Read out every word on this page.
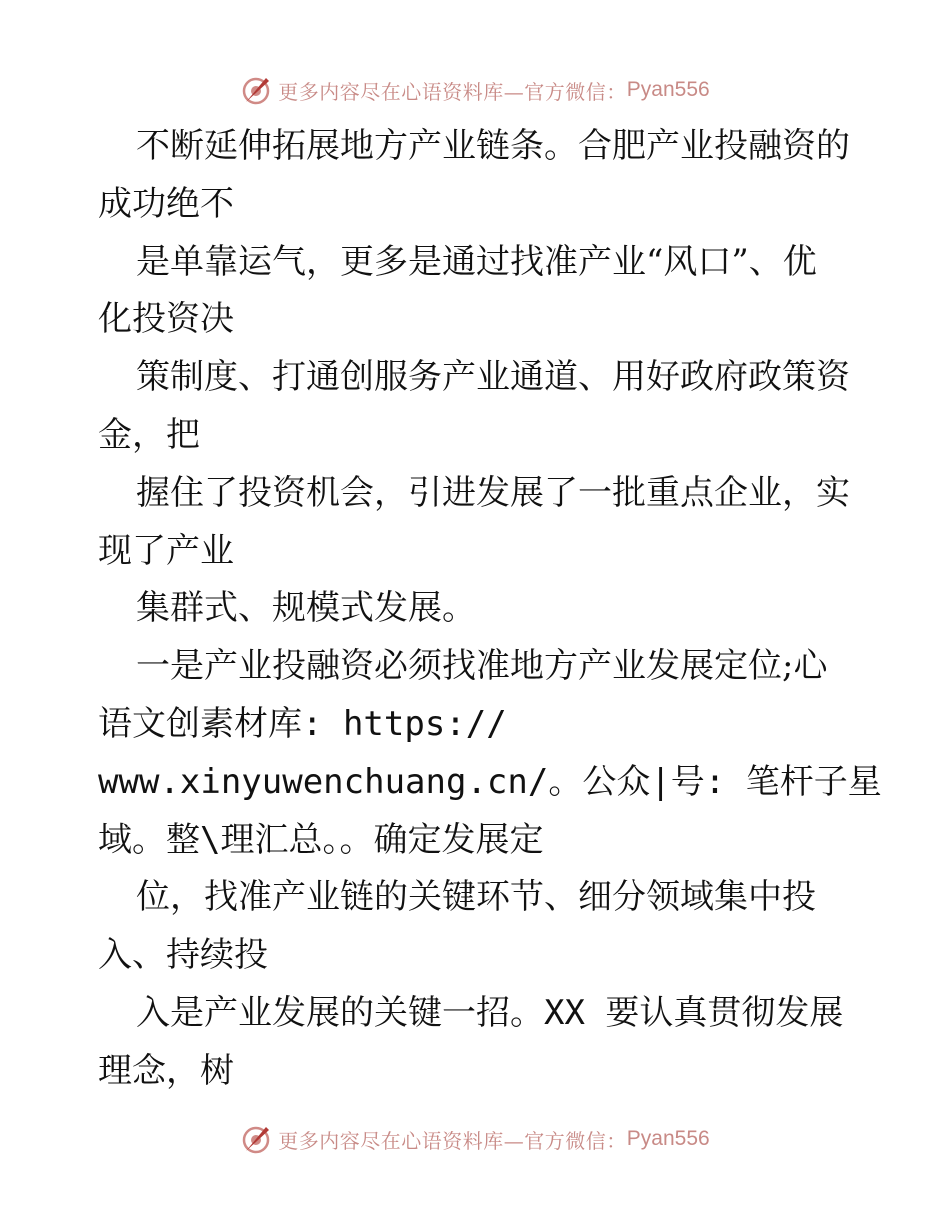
更多内容尽在心语资料库—官方微信： Pyan556
不断延伸拓展地方产业链条。合肥产业投融资的
成功绝不
是单靠运气，更多是通过找准产业“风口”、优
化投资决
策制度、打通创服务产业通道、用好政府政策资
金，把
握住了投资机会，引进发展了一批重点企业，实
现了产业
集群式、规模式发展。
一是产业投融资必须找准地方产业发展定位;心
语文创素材库: https://
www.xinyuwenchuang.cn/。公众|号: 笔杆子星
域。整\理汇总。。确定发展定
位，找准产业链的关键环节、细分领域集中投
入、持续投
入是产业发展的关键一招。XX 要认真贯彻发展
理念，树
更多内容尽在心语资料库—官方微信： Pyan556
